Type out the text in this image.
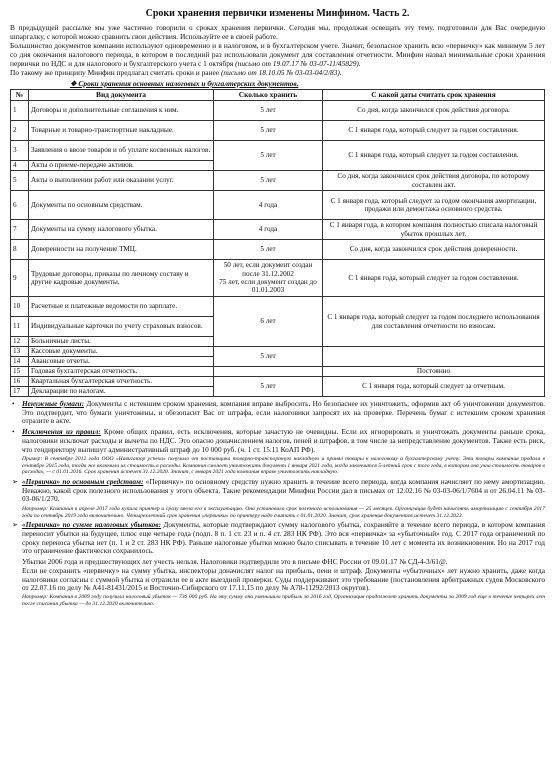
Сроки хранения первички изменены Минфином. Часть 2.

В предыдущей рассылке мы уже частично говорили о сроках хранения первички. Сегодня мы, продолжая освещать эту тему, подготовили для Вас очередную шпаргалку, с которой можно сравнить свои действия. Используйте ее в своей работе.

Большинство документов компании используют одновременно и в налоговом, и в бухгалтерском учете. Значит, безопасное хранить всю «первичку» как минимум 5 лет со дня окончания налогового периода, в котором в последний раз использовали документ для составления отчетности. Минфин назвал минимальные сроки хранения первички по НДС и для налогового и бухгалтерского учета с 1 октября (письмо от 19.07.17 № 03-07-11/45829).

По такому же принципу Минфин предлагал считать сроки и ранее (письмо от 18.10.05 № 03-03-04/2/83).

❖ Сроки хранения основных налоговых и бухгалтерских документов.
№	Вид документа	Сколько хранить	С какой даты считать срок хранения
1	Договоры и дополнительные соглашения к ним.	5 лет	Со дня, когда закончился срок действия договора.
2	Товарные и товарно-транспортные накладные.	5 лет	С 1 января года, который следует за годом составления.
3	Заявления о ввозе товаров и об уплате косвенных налогов.	5 лет	С 1 января года, который следует за годом составления.
4	Акты о приеме-передаче активов.		
5	Акты о выполнении работ или оказании услуг.	5 лет	Со дня, когда закончился срок действия договора, по которому составлен акт.
6	Документы по основным средствам.	4 года	С 1 января года, который следует за годом окончания амортизации, продажи или демонтажа основного средства.
7	Документы на сумму налогового убытка.	4 года	С 1 января года, в котором компания полностью списала налоговый убыток прошлых лет.
8	Доверенности на получение ТМЦ.	5 лет	Со дня, когда закончился срок действия доверенности.
9	Трудовые договоры, приказы по личному составу и другие кадровые документы.	50 лет, если документ создан после 31.12.2002
75 лет, если документ создан до 01.01.2003	С 1 января года, который следует за годом составления.
10	Расчетные и платежные ведомости по зарплате.	6 лет	С 1 января года, который следует за годом последнего использования для составления отчетности по взносам.
11	Индивидуальные карточки по учету страховых взносов.		
12	Больничные листы.		
13	Кассовые документы.	5 лет	
14	Авансовые отчеты.		
15	Годовая бухгалтерская отчетность.		Постоянно
16	Квартальная бухгалтерская отчетность.	5 лет	С 1 января года, который следует за отчетным.
17	Декларации по налогам.		
• Ненужные бумаги: Документы с истекшим сроком хранения, компания вправе выбросить. Но безопаснее их уничтожить, оформив акт об уничтожении документов. Это подтвердит, что бумаги уничтожены, и обезопасит Вас от штрафа, если налоговики запросят их на проверке. Перечень бумаг с истекшим сроком хранения отразите в акте.
• Исключения из правил: Кроме общих правил, есть исключения, которые зачастую не очевидны. Если их игнорировать и уничтожать документы раньше срока, налоговики исключат расходы и вычеты по НДС. Это опасно доначислением налогов, пеней и штрафов, в том числе за непредставление документов. Также есть риск, что гендиректору выпишут административный штраф до 10 000 руб. (ч. 1 ст. 15.11 КоАП РФ).
Пример: В сентябре 2012 года ООО «Навигатор успеха» получило от поставщика товарно-транспортную накладную и принял товары к налоговому и бухгалтерскому учету. Эти товары компания продала в сентябре 2015 года, тогда же включила их стоимость в расходы. Компания сможет уничтожить документ 1 января 2021 года, когда закончится 5-летний срок с того года, в котором она учла стоимость товаров в расходах, — с 01.01.2016. Срок хранения истечет 31.12.2020. Значит, с января 2021 года компания вправе уничтожить накладную.
➢ «Первичка» по основным средствам: «Первичку» по основному средству нужно хранить в течение всего периода, когда компания начисляет по нему амортизацию. Неважно, какой срок полезного использования у этого объекта. Такие рекомендации Минфин России дал в письмах от 12.02.16 № 03-03-06/1/7604 и от 26.04.11 № 03-03-06/1/270.
Например: Компания в апреле 2017 года купила принтер и сразу ввела его в эксплуатацию. Она установила срок полезного использования — 25 месяцев. Организация будет начислять амортизацию с сентября 2017 года по сентябрь 2019 года включительно. Четырехлетний срок хранения «первички» по принтеру надо считать с 01.01.2020. Значит, срок хранения документов истечет 31.12.2023.
➢ «Первичка» по сумме налоговых убытков: Документы, которые подтверждают сумму налогового убытка, сохраняйте в течение всего периода, в котором компания переносит убытки на будущее, плюс еще четыре года (подп. 8 п. 1 ст. 23 и п. 4 ст. 283 НК РФ). Это вся «первичка» за «убыточный» год. С 2017 года ограничений по сроку переноса убытка нет (п. 1 и 2 ст. 283 НК РФ). Раньше налоговые убытки можно было списывать в течение 10 лет с момента их возникновения. Но на 2017 год это ограничение фактически сохранилось.

Убытки 2006 года и предшествующих лет учесть нельзя. Налоговики подтвердили это в письме ФНС России от 09.01.17 № СД-4-3/61@.

Если не сохранить «первичку» на сумму убытка, инспекторы доначислят налог на прибыль, пени и штраф. Документы «убыточных» лет нужно хранить, даже когда налоговики согласны с суммой убытка и отразили ее в акте выездной проверки. Суды поддерживают это требование (постановления арбитражных судов Московского от 22.07.16 по делу № А41-81431/2015 и Восточно-Сибирского от 17.11.15 по делу № А78-11292/2013 округов).

Например: Компания в 2009 году получила налоговый убыток — 736 000 руб. На эту сумму она уменьшила прибыль за 2016 год. Организация продолжает хранить документы за 2009 год еще в течение четырех лет после списания убытка — до 31.12.2020 включительно.
